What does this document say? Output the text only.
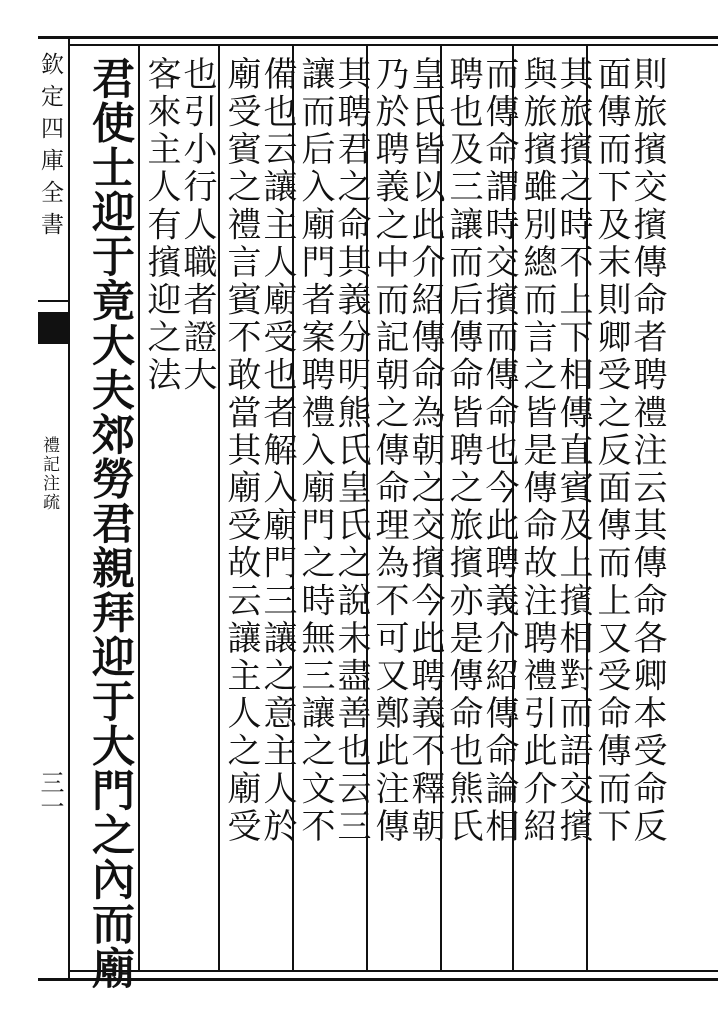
欽定四庫全書
禮記注疏
三一 君使士迎于竟大夫郊勞君親拜迎于大門之內而廟	則旅擯交擯傳命者聘禮注云其傳命各卿本受命反
面傳而下及末則卿受之反面傳而上又受命傳而下
其旅擯之時不上下相傳直賓及上擯相對而語交擯
與旅擯雖別總而言之皆是傳命故注聘禮引此介紹
而傳命謂時交擯而傳命也今此聘義介紹傳命論相
聘也及三讓而后傳命皆聘之旅擯亦是傳命也熊氏
皇氏皆以此介紹傳命為朝之交擯今此聘義不釋朝
乃於聘義之中而記朝之傳命理為不可又鄭此注傳
其聘君之命其義分明熊氏皇氏之說未盡善也云三
讓而后入廟門者案聘禮入廟門之時無三讓之文不
備也云讓主人廟受也者解入廟門三讓之意主人於
廟受賓之禮言賓不敢當其廟受故云讓主人之廟受
也引小行人職者證大
客來主人有擯迎之法
